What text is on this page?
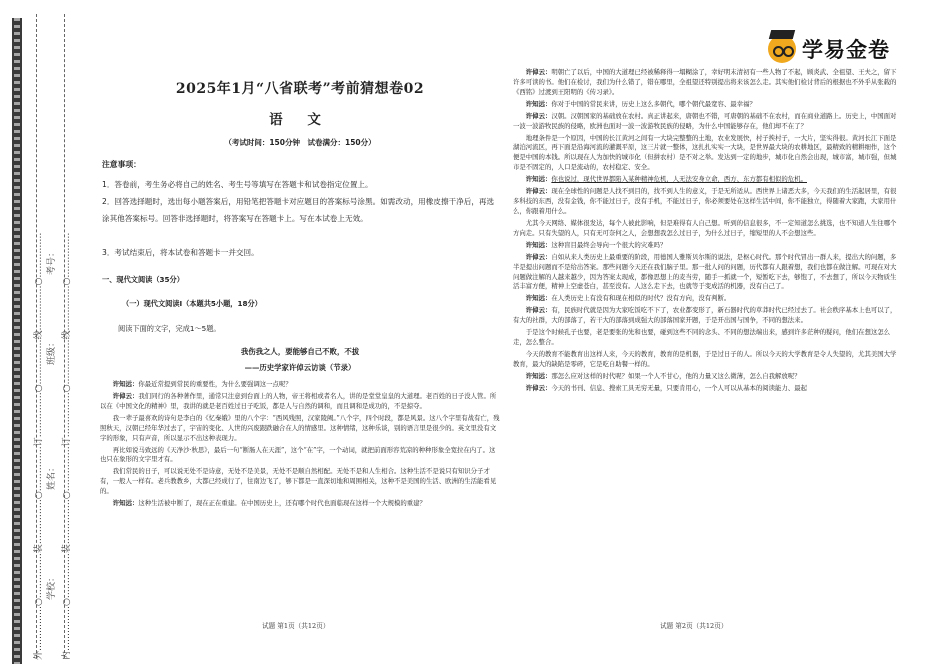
外……………○……………装……………○……………订……………○……………线……………○……………	内……………○……………装……………○……………订……………○……………线……………○……………
学校：
姓名：
班级：
考号：
学易金卷
2025年1月“八省联考”考前猜想卷02
语 文
（考试时间：150分钟　试卷满分：150分）
注意事项：
1．答卷前，考生务必将自己的姓名、考生号等填写在答题卡和试卷指定位置上。
2．回答选择题时，选出每小题答案后，用铅笔把答题卡对应题目的答案标号涂黑。如需改动，用橡皮擦干净后，再选涂其他答案标号。回答非选择题时，将答案写在答题卡上。写在本试卷上无效。
3．考试结束后，将本试卷和答题卡一并交回。
一、现代文阅读（35分）
（一）现代文阅读Ⅰ（本题共5小题，18分）
阅读下面的文字，完成1～5题。
我伤我之人，要能够自己不败，不拔
——历史学家许倬云访谈（节录）

许知远：你最近常提到常民的重要性，为什么要强调这一点呢？

许倬云：我们同行的各种著作里，通常只注意到台面上的人物，帝王将相或者名人，讲的是堂堂皇皇的大道理。老百姓的日子没人管。所以在《中国文化的精神》里，我讲的就是老百姓过日子吃饭，都是人与自然的调和，而且调和是成功的，不是掠夺。

我一辈子最喜欢的诗句是李白的《忆秦娥》里的八个字：“西风残照，汉家陵阙。”八个字，四个时段，都是风景。这八个字里有战有亡，残照秋天，汉朝已经年华过去了，宇宙的变化、人世的兴废跟跌融合在人的情感里。这种情绪，这种乐谈，别的语言里是很少的。英文里没有文字的形象，只有声音，所以显示不出这种表现力。

再比如说马致远的《天净沙·秋思》，最后一句“断肠人在天涯”，这个“在”字，一个动词，就把前面形容荒凉的种种形象全宽拉在内了。这也只在象形的文字里才有。

我们常民的日子，可以说无处不是诗意，无处不是美景，无处不是顺自然相配。无处不是和人生相合。这种生活不是说只有知识分子才有，一般人一样有。老兵教教乡，大都已经成行了，往南边飞了，够下都是一直深切地和周围相关，这种不是美国的生活、欧洲的生活能看见的。

许知远：这种生活被中断了，现在正在重建。在中国历史上，还有哪个时代也面临现在这样一个大规模的重建？

许倬云：明朝亡了以后，中国的大道理已经被稀释得一塌糊涂了，幸好明末清初有一些人物了不起，顾炎武、全祖望、王夫之，留下许多可读的书。他们在检讨，我们为什么错了，错在哪里，全祖望还特别提出将来该怎么走。其实他们检讨背后的根据也不外乎从张载的《西铭》过渡到王阳明的《传习录》。

许知远：你对于中国的常民来讲，历史上这么多朝代，哪个朝代最宽容、最幸福？

许倬云：汉朝。汉朝国家的基础放在农村。真正讲起来，唐朝也不错，可唐朝的基础不在农村，而在商业道路上。历史上，中国面对一波一波游牧民族的侵略，欧洲也面对一波一波游牧民族的侵略，为什么中国能够存在，他们却不在了？

地理条件是一个原因，中国的长江黄河之间有一大块完整整的土地，农业发展快，村子挨村子，一大片，坚实得很。黄河长江下面是湖泊河流区，再下面是沿海河流的灌溉平原，这三片就一整体，这扎扎实实一大块，是世界最大块的农耕地区，最精致的精耕细作，这个便是中国的本钱。所以现在人为加快的城市化（但拼农村）是不对之举。发达到一定的地步，城市化自然会出现，城市富，城市强，但城市是不固定的，人口是流动的，农村稳定、安全。

许知远：你也说过，现代世界都陷入某种精神危机，人无法安身立命，西方、东方都有相似的危机。

许倬云：现在全球性的问题是人找不到目的，找不到人生的意义，于是无所适从。西世界上诸恶大多，今天我们的生活起居里，有很多科技的东西，没有金钱，你不能过日子，没有手机，不能过日子，你必须要处在这样生活中间，你不能独立，得随着大家跑，大家用什么，你跟着用什么。

尤其今天网络、媒体很发达，每个人被此影响，但是难得有人自己想。听到的信息很多，不一定知道怎么挑选，也不知道人生往哪个方向走。只有失望的人，只有无可奈何之人，会想想我怎么过日子，为什么过日子，缩短里的人不会想这些。

许知远：这种盲目最终会导向一个很大的灾难吗？

许倬云：自如从来人类历史上最重要的阶段，用德国人雅斯贝尔斯的说法，是枢心时代。那个时代冒出一群人来，提出大的问题，多半是提出问题而不是给出答案。那些问题今天还在我们脑子里。那一批人问的问题，历代都有人跟着想，我们也都在做注解。可现在对大问题做注解的人越来越少，因为答案太现成，都像思想上的麦当劳，随手一抓就一个，短暂吃下去，够饱了，不去想了，所以今天物质生活丰富方便，精神上空虚苍白，甚至没有。人这么走下去，也就等于变成活的机器，没有自己了。

许知远：在人类历史上有没有和现在相似的时代？没有方向，没有判断。

许倬云：有，民族时代就是因为大家吃饭吃不下了，农业都变形了，新石器时代的草莽时代已经过去了。社会秩序基本上也可以了，有大的社群，大的部落了，若干大的部落到成强大的部落国家开题，于是开出国与国争，不同的想法来。

于是这个时候孔子也要，老是要张的先和也要，碰到这些不同的念头、不同的想法端出来，感到许多茫种的疑问，他们在想这怎么走，怎么整合。

今天的教育不能教育出这样人来，今天的教育，教育的是机器，于是过日子的人。所以今天的大学教育是令人失望的，尤其美国大学教育，最大的缺陷是零碎，它是吃自助餐一样的。

许知远：那怎么应对这样的时代呢？如果一个人不甘心，他的力量又这么微薄，怎么自我解放呢？

许倬云：今天的书刊、信息、搜索工具无穷无量，只要肯用心，一个人可以从基本的阅读能力、最起

试题 第1页（共12页）	试题 第2页（共12页）
